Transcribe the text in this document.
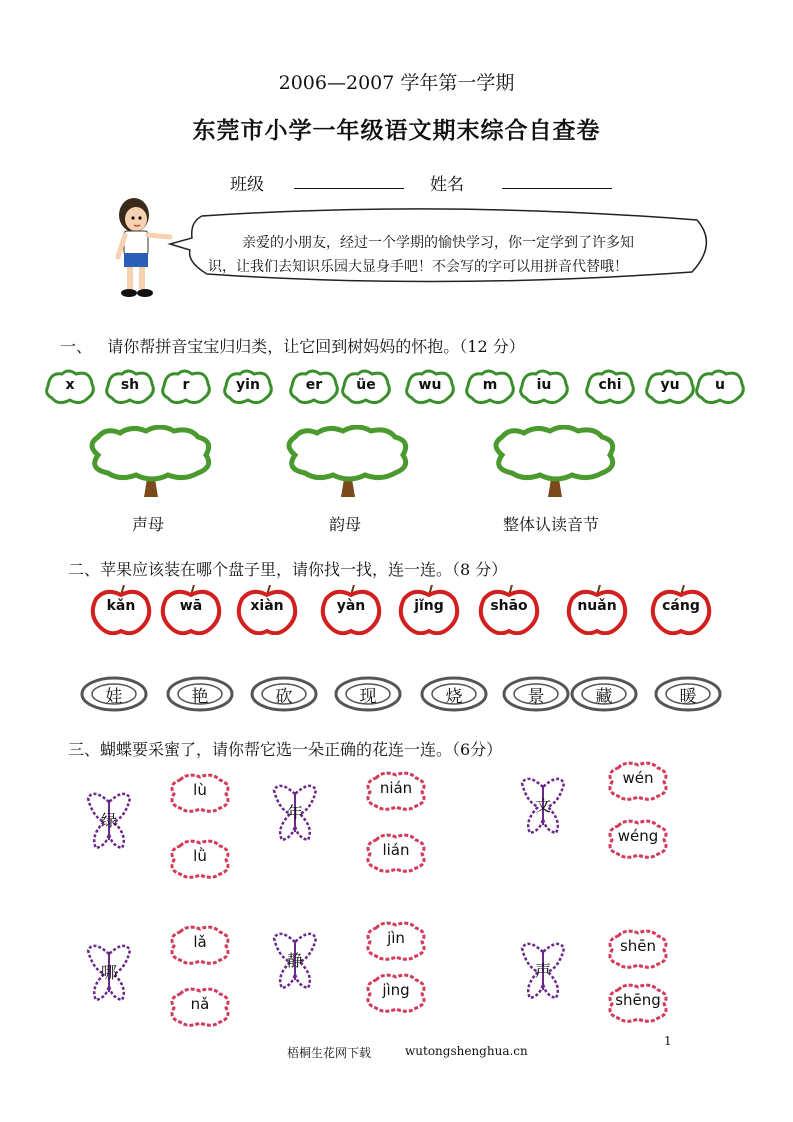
2006—2007 学年第一学期
东莞市小学一年级语文期末综合自查卷
班级	姓名
亲爱的小朋友，经过一个学期的愉快学习，你一定学到了许多知
识，让我们去知识乐园大显身手吧！不会写的字可以用拼音代替哦！
一、   请你帮拼音宝宝归归类，让它回到树妈妈的怀抱。（12 分）
x	sh	r	yin	er	üe	wu	m	iu	chi	yu	u
声母	韵母	整体认读音节
二、苹果应该装在哪个盘子里，请你找一找，连一连。（8 分）
kǎn	wā	xiàn	yàn	jǐng	shāo	nuǎn	cáng
娃	艳	砍	现	烧	景	藏	暖
三、蝴蝶要采蜜了，请你帮它选一朵正确的花连一连。（6分）
绿
lù
lǜ
年
nián
lián
文
wén
wéng
哪
lǎ
nǎ
静
jìn
jìng
声
shēn
shēng
1
梧桐生花网下载	wutongshenghua.cn
